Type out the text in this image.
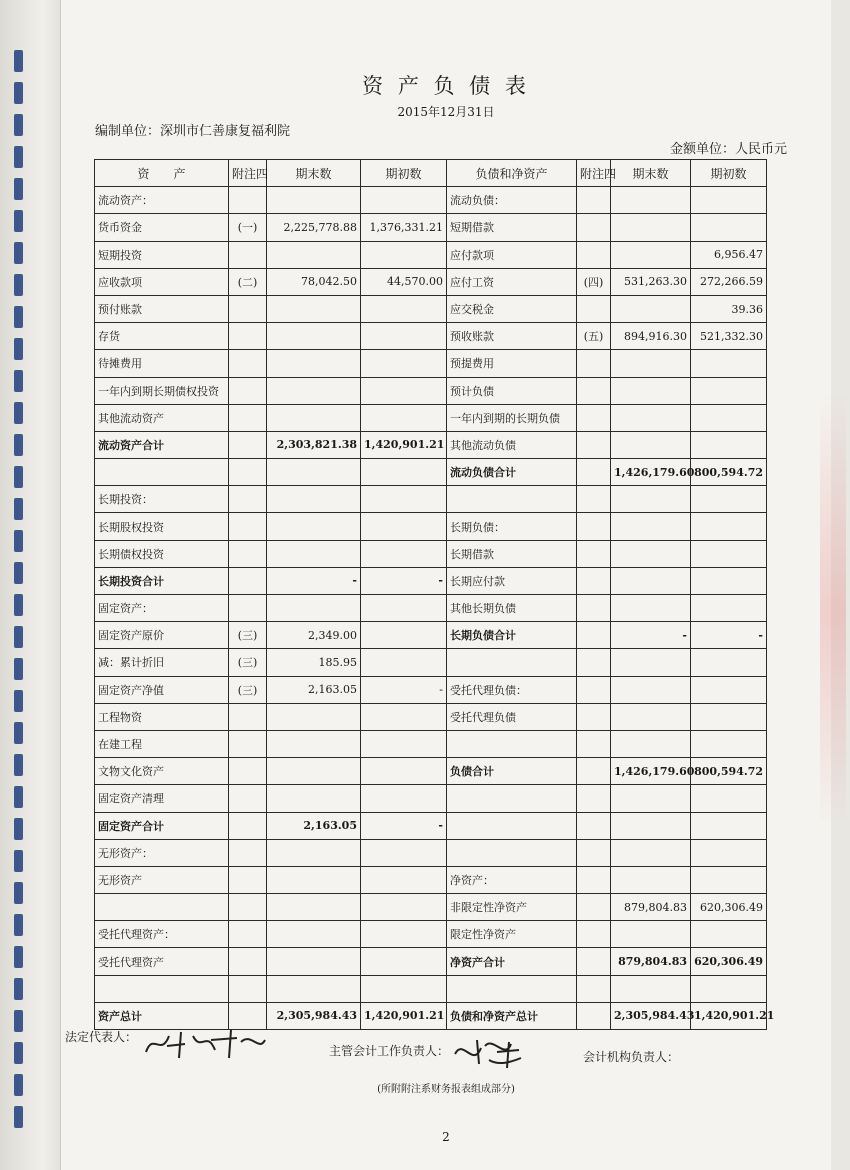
资 产 负 债 表
2015年12月31日
编制单位：深圳市仁善康复福利院
金额单位：人民币元
资　　产	附注四	期末数	期初数	负债和净资产	附注四	期末数	期初数
流动资产：				流动负债：			
货币资金	(一)	2,225,778.88	1,376,331.21	短期借款			
短期投资				应付款项			6,956.47
应收款项	(二)	78,042.50	44,570.00	应付工资	(四)	531,263.30	272,266.59
预付账款				应交税金			39.36
存货				预收账款	(五)	894,916.30	521,332.30
待摊费用				预提费用			
一年内到期长期债权投资				预计负债			
其他流动资产				一年内到期的长期负债			
流动资产合计		2,303,821.38	1,420,901.21	其他流动负债			
				流动负债合计		1,426,179.60	800,594.72
长期投资：							
长期股权投资				长期负债：			
长期债权投资				长期借款			
长期投资合计		-	-	长期应付款			
固定资产：				其他长期负债			
固定资产原价	(三)	2,349.00		长期负债合计		-	-
减：累计折旧	(三)	185.95					
固定资产净值	(三)	2,163.05	-	受托代理负债：			
工程物资				受托代理负债			
在建工程							
文物文化资产				负债合计		1,426,179.60	800,594.72
固定资产清理							
固定资产合计		2,163.05	-				
无形资产：							
无形资产				净资产：			
				非限定性净资产		879,804.83	620,306.49
受托代理资产：				限定性净资产			
受托代理资产				净资产合计		879,804.83	620,306.49

资产总计		2,305,984.43	1,420,901.21	负债和净资产总计		2,305,984.43	1,420,901.21
法定代表人：
主管会计工作负责人：	会计机构负责人：
(所附附注系财务报表组成部分)
2
